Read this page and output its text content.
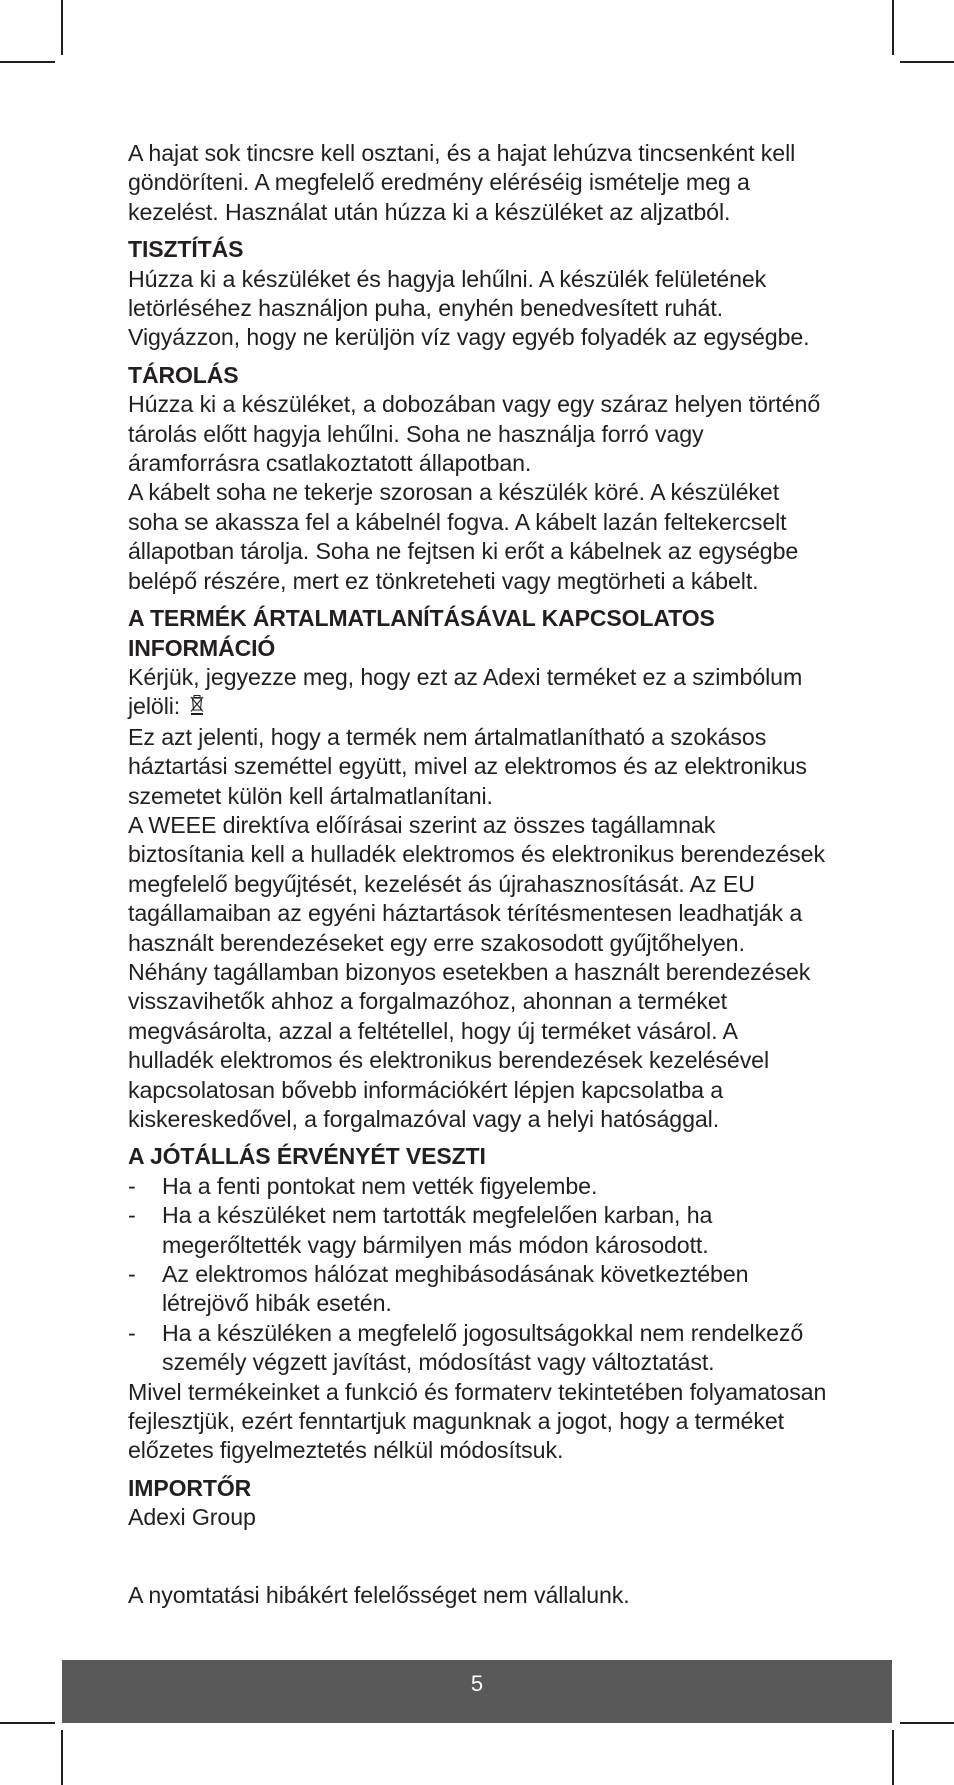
A hajat sok tincsre kell osztani, és a hajat lehúzva tincsenként kell göndöríteni. A megfelelő eredmény eléréséig ismételje meg a kezelést. Használat után húzza ki a készüléket az aljzatból.

TISZTÍTÁS

Húzza ki a készüléket és hagyja lehűlni. A készülék felületének letörléséhez használjon puha, enyhén benedvesített ruhát. Vigyázzon, hogy ne kerüljön víz vagy egyéb folyadék az egységbe.

TÁROLÁS

Húzza ki a készüléket, a dobozában vagy egy száraz helyen történő tárolás előtt hagyja lehűlni. Soha ne használja forró vagy áramforrásra csatlakoztatott állapotban.

A kábelt soha ne tekerje szorosan a készülék köré. A készüléket soha se akassza fel a kábelnél fogva. A kábelt lazán feltekercselt állapotban tárolja. Soha ne fejtsen ki erőt a kábelnek az egységbe belépő részére, mert ez tönkreteheti vagy megtörheti a kábelt.

A TERMÉK ÁRTALMATLANÍTÁSÁVAL KAPCSOLATOS INFORMÁCIÓ

Kérjük, jegyezze meg, hogy ezt az Adexi terméket ez a szimbólum jelöli:

Ez azt jelenti, hogy a termék nem ártalmatlanítható a szokásos háztartási szeméttel együtt, mivel az elektromos és az elektronikus szemetet külön kell ártalmatlanítani.

A WEEE direktíva előírásai szerint az összes tagállamnak biztosítania kell a hulladék elektromos és elektronikus berendezések megfelelő begyűjtését, kezelését ás újrahasznosítását. Az EU tagállamaiban az egyéni háztartások térítésmentesen leadhatják a használt berendezéseket egy erre szakosodott gyűjtőhelyen. Néhány tagállamban bizonyos esetekben a használt berendezések visszavihetők ahhoz a forgalmazóhoz, ahonnan a terméket megvásárolta, azzal a feltétellel, hogy új terméket vásárol. A hulladék elektromos és elektronikus berendezések kezelésével kapcsolatosan bővebb információkért lépjen kapcsolatba a kiskereskedővel, a forgalmazóval vagy a helyi hatósággal.

A JÓTÁLLÁS ÉRVÉNYÉT VESZTI
- Ha a fenti pontokat nem vették figyelembe.
- Ha a készüléket nem tartották megfelelően karban, ha megerőltették vagy bármilyen más módon károsodott.
- Az elektromos hálózat meghibásodásának következtében létrejövő hibák esetén.
- Ha a készüléken a megfelelő jogosultságokkal nem rendelkező személy végzett javítást, módosítást vagy változtatást.

Mivel termékeinket a funkció és formaterv tekintetében folyamatosan fejlesztjük, ezért fenntartjuk magunknak a jogot, hogy a terméket előzetes figyelmeztetés nélkül módosítsuk.

IMPORTŐR

Adexi Group

A nyomtatási hibákért felelősséget nem vállalunk.

5
